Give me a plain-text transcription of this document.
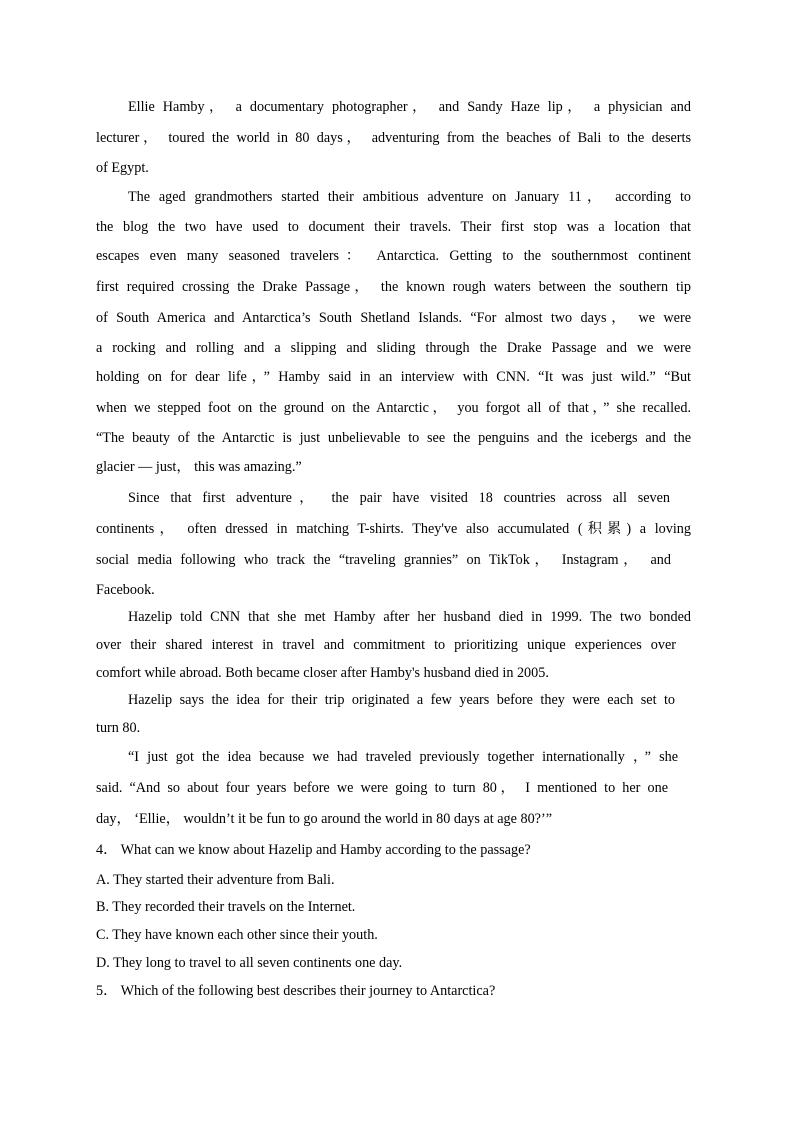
Ellie Hamby， a documentary photographer， and Sandy Haze lip， a physician and
lecturer， toured the world in 80 days， adventuring from the beaches of Bali to the deserts
of Egypt.
The aged grandmothers started their ambitious adventure on January 11， according to
the blog the two have used to document their travels. Their first stop was a location that
escapes even many seasoned travelers： Antarctica. Getting to the southernmost continent
first required crossing the Drake Passage， the known rough waters between the southern tip
of South America and Antarctica’s South Shetland Islands. “For almost two days， we were
a rocking and rolling and a slipping and sliding through the Drake Passage and we were
holding on for dear life，” Hamby said in an interview with CNN. “It was just wild.” “But
when we stepped foot on the ground on the Antarctic， you forgot all of that，” she recalled.
“The beauty of the Antarctic is just unbelievable to see the penguins and the icebergs and the
glacier — just， this was amazing.”
Since that first adventure， the pair have visited 18 countries across all seven
continents， often dressed in matching T-shirts. They've also accumulated (积累) a loving
social media following who track the “traveling grannies” on TikTok， Instagram， and
Facebook.
Hazelip told CNN that she met Hamby after her husband died in 1999. The two bonded
over their shared interest in travel and commitment to prioritizing unique experiences over
comfort while abroad. Both became closer after Hamby's husband died in 2005.
Hazelip says the idea for their trip originated a few years before they were each set to
turn 80.
“I just got the idea because we had traveled previously together internationally ，” she
said. “And so about four years before we were going to turn 80， I mentioned to her one
day， ‘Ellie， wouldn’t it be fun to go around the world in 80 days at age 80?’”
4． What can we know about Hazelip and Hamby according to the passage?
A. They started their adventure from Bali.
B. They recorded their travels on the Internet.
C. They have known each other since their youth.
D. They long to travel to all seven continents one day.
5． Which of the following best describes their journey to Antarctica?
